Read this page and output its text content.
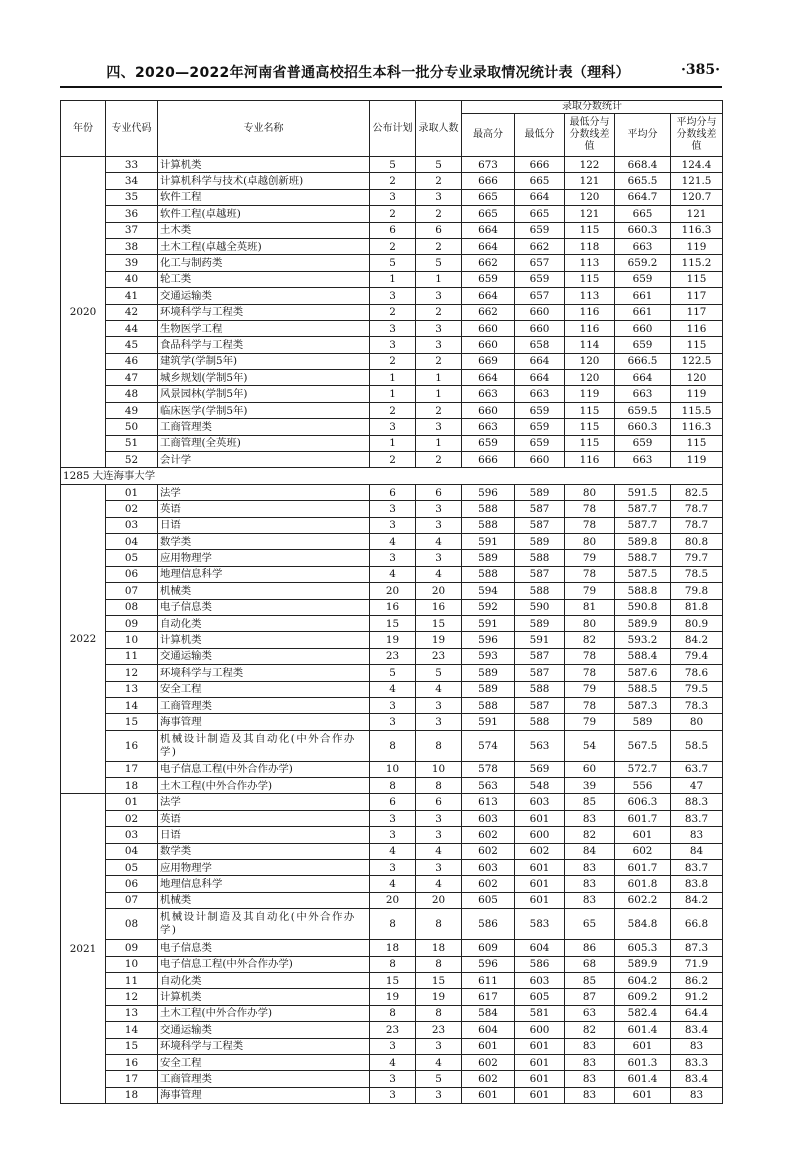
四、2020—2022年河南省普通高校招生本科一批分专业录取情况统计表（理科）	·385·
年份	专业代码	专业名称	公布计划	录取人数	录取分数统计				
					最高分	最低分	最低分与分数线差值	平均分	平均分与分数线差值
2020	33	计算机类	5	5	673	666	122	668.4	124.4
	34	计算机科学与技术(卓越创新班)	2	2	666	665	121	665.5	121.5
	35	软件工程	3	3	665	664	120	664.7	120.7
	36	软件工程(卓越班)	2	2	665	665	121	665	121
	37	土木类	6	6	664	659	115	660.3	116.3
	38	土木工程(卓越全英班)	2	2	664	662	118	663	119
	39	化工与制药类	5	5	662	657	113	659.2	115.2
	40	轮工类	1	1	659	659	115	659	115
	41	交通运输类	3	3	664	657	113	661	117
	42	环境科学与工程类	2	2	662	660	116	661	117
	44	生物医学工程	3	3	660	660	116	660	116
	45	食品科学与工程类	3	3	660	658	114	659	115
	46	建筑学(学制5年)	2	2	669	664	120	666.5	122.5
	47	城乡规划(学制5年)	1	1	664	664	120	664	120
	48	风景园林(学制5年)	1	1	663	663	119	663	119
	49	临床医学(学制5年)	2	2	660	659	115	659.5	115.5
	50	工商管理类	3	3	663	659	115	660.3	116.3
	51	工商管理(全英班)	1	1	659	659	115	659	115
	52	会计学	2	2	666	660	116	663	119
1285 大连海事大学									
2022	01	法学	6	6	596	589	80	591.5	82.5
	02	英语	3	3	588	587	78	587.7	78.7
	03	日语	3	3	588	587	78	587.7	78.7
	04	数学类	4	4	591	589	80	589.8	80.8
	05	应用物理学	3	3	589	588	79	588.7	79.7
	06	地理信息科学	4	4	588	587	78	587.5	78.5
	07	机械类	20	20	594	588	79	588.8	79.8
	08	电子信息类	16	16	592	590	81	590.8	81.8
	09	自动化类	15	15	591	589	80	589.9	80.9
	10	计算机类	19	19	596	591	82	593.2	84.2
	11	交通运输类	23	23	593	587	78	588.4	79.4
	12	环境科学与工程类	5	5	589	587	78	587.6	78.6
	13	安全工程	4	4	589	588	79	588.5	79.5
	14	工商管理类	3	3	588	587	78	587.3	78.3
	15	海事管理	3	3	591	588	79	589	80
	16	机械设计制造及其自动化(中外合作办学)	8	8	574	563	54	567.5	58.5
	17	电子信息工程(中外合作办学)	10	10	578	569	60	572.7	63.7
	18	土木工程(中外合作办学)	8	8	563	548	39	556	47
2021	01	法学	6	6	613	603	85	606.3	88.3
	02	英语	3	3	603	601	83	601.7	83.7
	03	日语	3	3	602	600	82	601	83
	04	数学类	4	4	602	602	84	602	84
	05	应用物理学	3	3	603	601	83	601.7	83.7
	06	地理信息科学	4	4	602	601	83	601.8	83.8
	07	机械类	20	20	605	601	83	602.2	84.2
	08	机械设计制造及其自动化(中外合作办学)	8	8	586	583	65	584.8	66.8
	09	电子信息类	18	18	609	604	86	605.3	87.3
	10	电子信息工程(中外合作办学)	8	8	596	586	68	589.9	71.9
	11	自动化类	15	15	611	603	85	604.2	86.2
	12	计算机类	19	19	617	605	87	609.2	91.2
	13	土木工程(中外合作办学)	8	8	584	581	63	582.4	64.4
	14	交通运输类	23	23	604	600	82	601.4	83.4
	15	环境科学与工程类	3	3	601	601	83	601	83
	16	安全工程	4	4	602	601	83	601.3	83.3
	17	工商管理类	3	5	602	601	83	601.4	83.4
	18	海事管理	3	3	601	601	83	601	83
